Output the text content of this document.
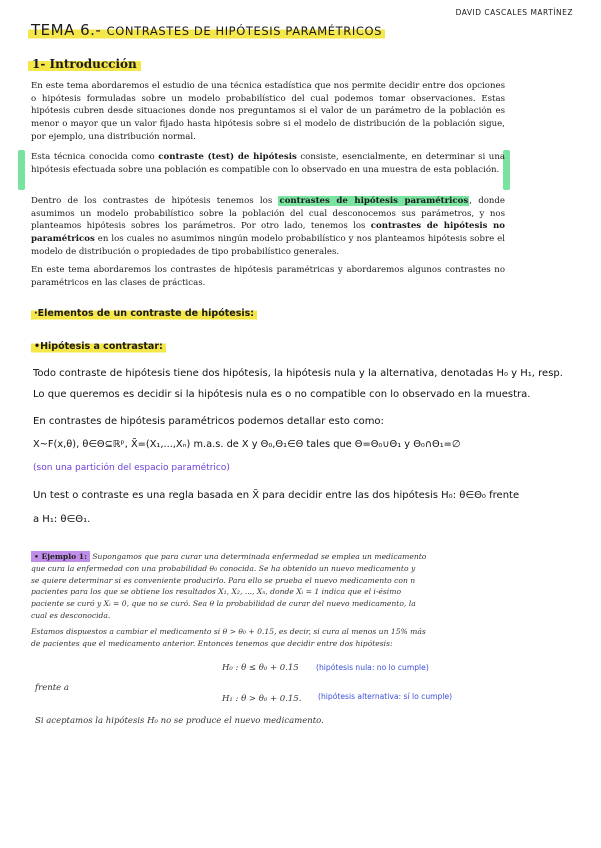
TEMA 6.- CONTRASTES DE HIPÓTESIS PARAMÉTRICOS
DAVID CASCALES MARTÍNEZ
1- Introducción

En este tema abordaremos el estudio de una técnica estadística que nos permite decidir entre dos opciones o hipótesis formuladas sobre un modelo probabilístico del cual podemos tomar observaciones. Estas hipótesis cubren desde situaciones donde nos preguntamos si el valor de un parámetro de la población es menor o mayor que un valor fijado hasta hipótesis sobre si el modelo de distribución de la población sigue, por ejemplo, una distribución normal.

Esta técnica conocida como contraste (test) de hipótesis consiste, esencialmente, en determinar si una hipótesis efectuada sobre una población es compatible con lo observado en una muestra de esta población.

Dentro de los contrastes de hipótesis tenemos los contrastes de hipótesis paramétricos, donde asumimos un modelo probabilístico sobre la población del cual desconocemos sus parámetros, y nos planteamos hipótesis sobres los parámetros. Por otro lado, tenemos los contrastes de hipótesis no paramétricos en los cuales no asumimos ningún modelo probabilístico y nos planteamos hipótesis sobre el modelo de distribución o propiedades de tipo probabilístico generales.

En este tema abordaremos los contrastes de hipótesis paramétricas y abordaremos algunos contrastes no paramétricos en las clases de prácticas.

·Elementos de un contraste de hipótesis:
•Hipótesis a contrastar:
Todo contraste de hipótesis tiene dos hipótesis, la hipótesis nula y la alternativa, denotadas H₀ y H₁, resp.
Lo que queremos es decidir si la hipótesis nula es o no compatible con lo observado en la muestra.
En contrastes de hipótesis paramétricos podemos detallar esto como:
X~F(x,θ), θ∈Θ⊆ℝᵖ, X̃=(X₁,...,Xₙ) m.a.s. de X y Θ₀,Θ₁∈Θ tales que Θ=Θ₀∪Θ₁ y Θ₀∩Θ₁=∅
(son una partición del espacio paramétrico)
Un test o contraste es una regla basada en X̃ para decidir entre las dos hipótesis H₀: θ∈Θ₀ frente
a H₁: θ∈Θ₁.

• Ejemplo 1: Supongamos que para curar una determinada enfermedad se emplea un medicamento

que cura la enfermedad con una probabilidad θ₀ conocida. Se ha obtenido un nuevo medicamento y

se quiere determinar si es conveniente producirlo. Para ello se prueba el nuevo medicamento con n

pacientes para los que se obtiene los resultados X₁, X₂, ..., Xₙ, donde Xᵢ = 1 indica que el i-ésimo

paciente se curó y Xᵢ = 0, que no se curó. Sea θ la probabilidad de curar del nuevo medicamento, la

cual es desconocida.

Estamos dispuestos a cambiar el medicamento si θ > θ₀ + 0.15, es decir, si cura al menos un 15% más

de pacientes que el medicamento anterior. Entonces tenemos que decidir entre dos hipótesis:

H₀ : θ ≤ θ₀ + 0.15 (hipótesis nula: no lo cumple)
frente a
H₁ : θ > θ₀ + 0.15. (hipótesis alternativa: sí lo cumple)
Si aceptamos la hipótesis H₀ no se produce el nuevo medicamento.
